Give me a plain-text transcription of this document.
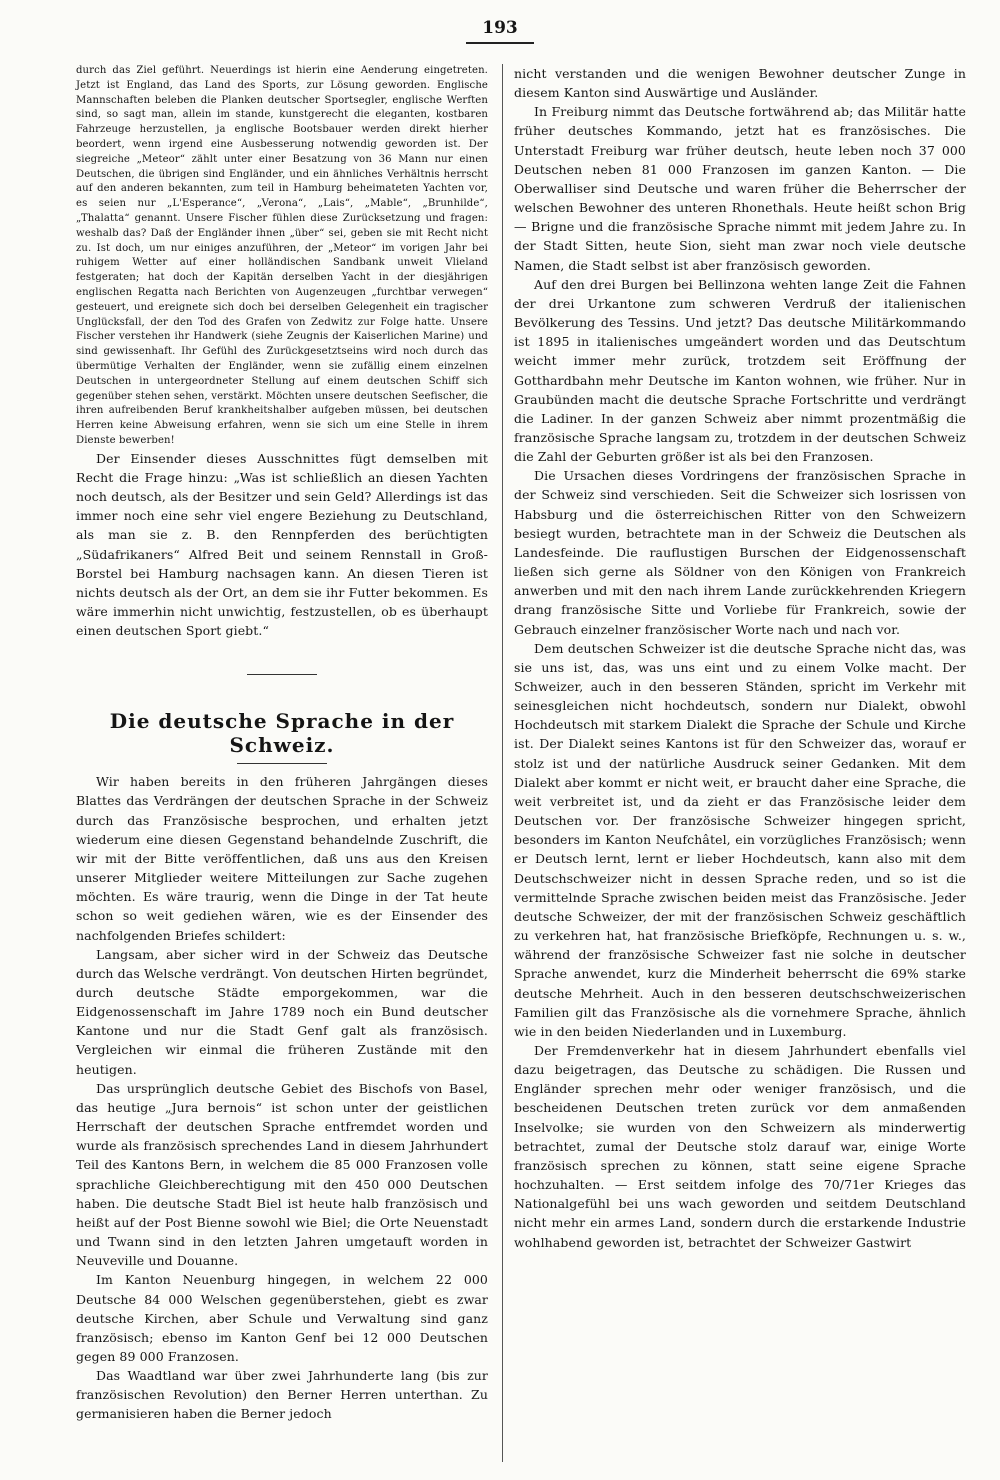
193

durch das Ziel geführt. Neuerdings ist hierin eine Aenderung eingetreten. Jetzt ist England, das Land des Sports, zur Lösung geworden. Englische Mannschaften beleben die Planken deutscher Sportsegler, englische Werften sind, so sagt man, allein im stande, kunstgerecht die eleganten, kostbaren Fahrzeuge herzustellen, ja englische Bootsbauer werden direkt hierher beordert, wenn irgend eine Ausbesserung notwendig geworden ist. Der siegreiche „Meteor“ zählt unter einer Besatzung von 36 Mann nur einen Deutschen, die übrigen sind Engländer, und ein ähnliches Verhältnis herrscht auf den anderen bekannten, zum teil in Hamburg beheimateten Yachten vor, es seien nur „L'Esperance“, „Verona“, „Lais“, „Mable“, „Brunhilde“, „Thalatta“ genannt. Unsere Fischer fühlen diese Zurücksetzung und fragen: weshalb das? Daß der Engländer ihnen „über“ sei, geben sie mit Recht nicht zu. Ist doch, um nur einiges anzuführen, der „Meteor“ im vorigen Jahr bei ruhigem Wetter auf einer holländischen Sandbank unweit Vlieland festgeraten; hat doch der Kapitän derselben Yacht in der diesjährigen englischen Regatta nach Berichten von Augenzeugen „furchtbar verwegen“ gesteuert, und ereignete sich doch bei derselben Gelegenheit ein tragischer Unglücksfall, der den Tod des Grafen von Zedwitz zur Folge hatte. Unsere Fischer verstehen ihr Handwerk (siehe Zeugnis der Kaiserlichen Marine) und sind gewissenhaft. Ihr Gefühl des Zurückgesetztseins wird noch durch das übermütige Verhalten der Engländer, wenn sie zufällig einem einzelnen Deutschen in untergeordneter Stellung auf einem deutschen Schiff sich gegenüber stehen sehen, verstärkt. Möchten unsere deutschen Seefischer, die ihren aufreibenden Beruf krankheitshalber aufgeben müssen, bei deutschen Herren keine Abweisung erfahren, wenn sie sich um eine Stelle in ihrem Dienste bewerben!

Der Einsender dieses Ausschnittes fügt demselben mit Recht die Frage hinzu: „Was ist schließlich an diesen Yachten noch deutsch, als der Besitzer und sein Geld? Allerdings ist das immer noch eine sehr viel engere Beziehung zu Deutschland, als man sie z. B. den Rennpferden des berüchtigten „Südafrikaners“ Alfred Beit und seinem Rennstall in Groß-Borstel bei Hamburg nachsagen kann. An diesen Tieren ist nichts deutsch als der Ort, an dem sie ihr Futter bekommen. Es wäre immerhin nicht unwichtig, festzustellen, ob es überhaupt einen deutschen Sport giebt.“

Die deutsche Sprache in der Schweiz.

Wir haben bereits in den früheren Jahrgängen dieses Blattes das Verdrängen der deutschen Sprache in der Schweiz durch das Französische besprochen, und erhalten jetzt wiederum eine diesen Gegenstand behandelnde Zuschrift, die wir mit der Bitte veröffentlichen, daß uns aus den Kreisen unserer Mitglieder weitere Mitteilungen zur Sache zugehen möchten. Es wäre traurig, wenn die Dinge in der Tat heute schon so weit gediehen wären, wie es der Einsender des nachfolgenden Briefes schildert:

Langsam, aber sicher wird in der Schweiz das Deutsche durch das Welsche verdrängt. Von deutschen Hirten begründet, durch deutsche Städte emporgekommen, war die Eidgenossenschaft im Jahre 1789 noch ein Bund deutscher Kantone und nur die Stadt Genf galt als französisch. Vergleichen wir einmal die früheren Zustände mit den heutigen.

Das ursprünglich deutsche Gebiet des Bischofs von Basel, das heutige „Jura bernois“ ist schon unter der geistlichen Herrschaft der deutschen Sprache entfremdet worden und wurde als französisch sprechendes Land in diesem Jahrhundert Teil des Kantons Bern, in welchem die 85 000 Franzosen volle sprachliche Gleichberechtigung mit den 450 000 Deutschen haben. Die deutsche Stadt Biel ist heute halb französisch und heißt auf der Post Bienne sowohl wie Biel; die Orte Neuenstadt und Twann sind in den letzten Jahren umgetauft worden in Neuveville und Douanne.

Im Kanton Neuenburg hingegen, in welchem 22 000 Deutsche 84 000 Welschen gegenüberstehen, giebt es zwar deutsche Kirchen, aber Schule und Verwaltung sind ganz französisch; ebenso im Kanton Genf bei 12 000 Deutschen gegen 89 000 Franzosen.

Das Waadtland war über zwei Jahrhunderte lang (bis zur französischen Revolution) den Berner Herren unterthan. Zu germanisieren haben die Berner jedoch

nicht verstanden und die wenigen Bewohner deutscher Zunge in diesem Kanton sind Auswärtige und Ausländer.

In Freiburg nimmt das Deutsche fortwährend ab; das Militär hatte früher deutsches Kommando, jetzt hat es französisches. Die Unterstadt Freiburg war früher deutsch, heute leben noch 37 000 Deutschen neben 81 000 Franzosen im ganzen Kanton. — Die Oberwalliser sind Deutsche und waren früher die Beherrscher der welschen Bewohner des unteren Rhonethals. Heute heißt schon Brig — Brigne und die französische Sprache nimmt mit jedem Jahre zu. In der Stadt Sitten, heute Sion, sieht man zwar noch viele deutsche Namen, die Stadt selbst ist aber französisch geworden.

Auf den drei Burgen bei Bellinzona wehten lange Zeit die Fahnen der drei Urkantone zum schweren Verdruß der italienischen Bevölkerung des Tessins. Und jetzt? Das deutsche Militärkommando ist 1895 in italienisches umgeändert worden und das Deutschtum weicht immer mehr zurück, trotzdem seit Eröffnung der Gotthardbahn mehr Deutsche im Kanton wohnen, wie früher. Nur in Graubünden macht die deutsche Sprache Fortschritte und verdrängt die Ladiner. In der ganzen Schweiz aber nimmt prozentmäßig die französische Sprache langsam zu, trotzdem in der deutschen Schweiz die Zahl der Geburten größer ist als bei den Franzosen.

Die Ursachen dieses Vordringens der französischen Sprache in der Schweiz sind verschieden. Seit die Schweizer sich losrissen von Habsburg und die österreichischen Ritter von den Schweizern besiegt wurden, betrachtete man in der Schweiz die Deutschen als Landesfeinde. Die rauflustigen Burschen der Eidgenossenschaft ließen sich gerne als Söldner von den Königen von Frankreich anwerben und mit den nach ihrem Lande zurückkehrenden Kriegern drang französische Sitte und Vorliebe für Frankreich, sowie der Gebrauch einzelner französischer Worte nach und nach vor.

Dem deutschen Schweizer ist die deutsche Sprache nicht das, was sie uns ist, das, was uns eint und zu einem Volke macht. Der Schweizer, auch in den besseren Ständen, spricht im Verkehr mit seinesgleichen nicht hochdeutsch, sondern nur Dialekt, obwohl Hochdeutsch mit starkem Dialekt die Sprache der Schule und Kirche ist. Der Dialekt seines Kantons ist für den Schweizer das, worauf er stolz ist und der natürliche Ausdruck seiner Gedanken. Mit dem Dialekt aber kommt er nicht weit, er braucht daher eine Sprache, die weit verbreitet ist, und da zieht er das Französische leider dem Deutschen vor. Der französische Schweizer hingegen spricht, besonders im Kanton Neufchâtel, ein vorzügliches Französisch; wenn er Deutsch lernt, lernt er lieber Hochdeutsch, kann also mit dem Deutschschweizer nicht in dessen Sprache reden, und so ist die vermittelnde Sprache zwischen beiden meist das Französische. Jeder deutsche Schweizer, der mit der französischen Schweiz geschäftlich zu verkehren hat, hat französische Briefköpfe, Rechnungen u. s. w., während der französische Schweizer fast nie solche in deutscher Sprache anwendet, kurz die Minderheit beherrscht die 69% starke deutsche Mehrheit. Auch in den besseren deutschschweizerischen Familien gilt das Französische als die vornehmere Sprache, ähnlich wie in den beiden Niederlanden und in Luxemburg.

Der Fremdenverkehr hat in diesem Jahrhundert ebenfalls viel dazu beigetragen, das Deutsche zu schädigen. Die Russen und Engländer sprechen mehr oder weniger französisch, und die bescheidenen Deutschen treten zurück vor dem anmaßenden Inselvolke; sie wurden von den Schweizern als minderwertig betrachtet, zumal der Deutsche stolz darauf war, einige Worte französisch sprechen zu können, statt seine eigene Sprache hochzuhalten. — Erst seitdem infolge des 70/71er Krieges das Nationalgefühl bei uns wach geworden und seitdem Deutschland nicht mehr ein armes Land, sondern durch die erstarkende Industrie wohlhabend geworden ist, betrachtet der Schweizer Gastwirt
